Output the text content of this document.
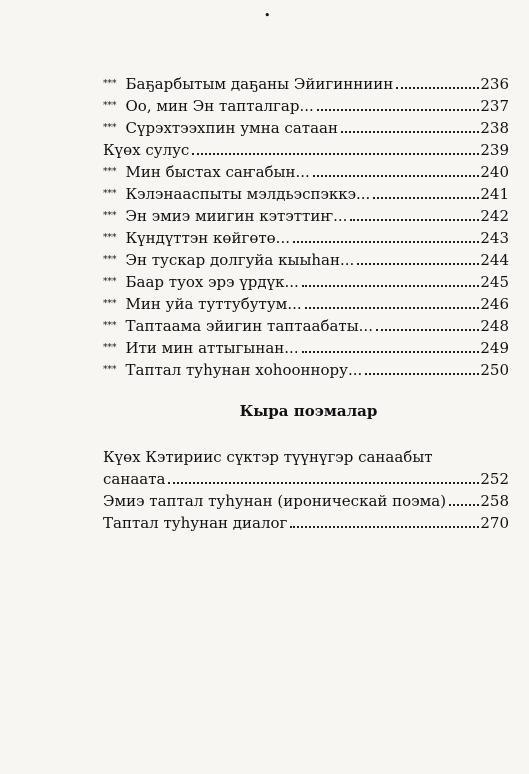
•
*** Баҕарбытым даҕаны Эйигинниин	236
*** Оо, мин Эн тапталгар...	237
*** Сүрэхтээхпин умна сатаан	238
Күөх сулус	239
*** Мин быстах саҥабын...	240
*** Кэлэнааспыты мэлдьэспэккэ...	241
*** Эн эмиэ миигин кэтэттиҥ...	242
*** Күндүттэн көйгөтө...	243
*** Эн тускар долгуйа кыыһан...	244
*** Баар туох эрэ үрдүк...	245
*** Мин уйа туттубутум...	246
*** Таптаама эйигин таптаабаты...	248
*** Ити мин аттыгынан...	249
*** Таптал туһунан хоһооннору...	250
Кыра поэмалар
Күөх Кэтириис сүктэр түүнүгэр санаабыт
санаата	252
Эмиэ таптал туһунан (ироническай поэма) 258
Таптал туһунан диалог	270
